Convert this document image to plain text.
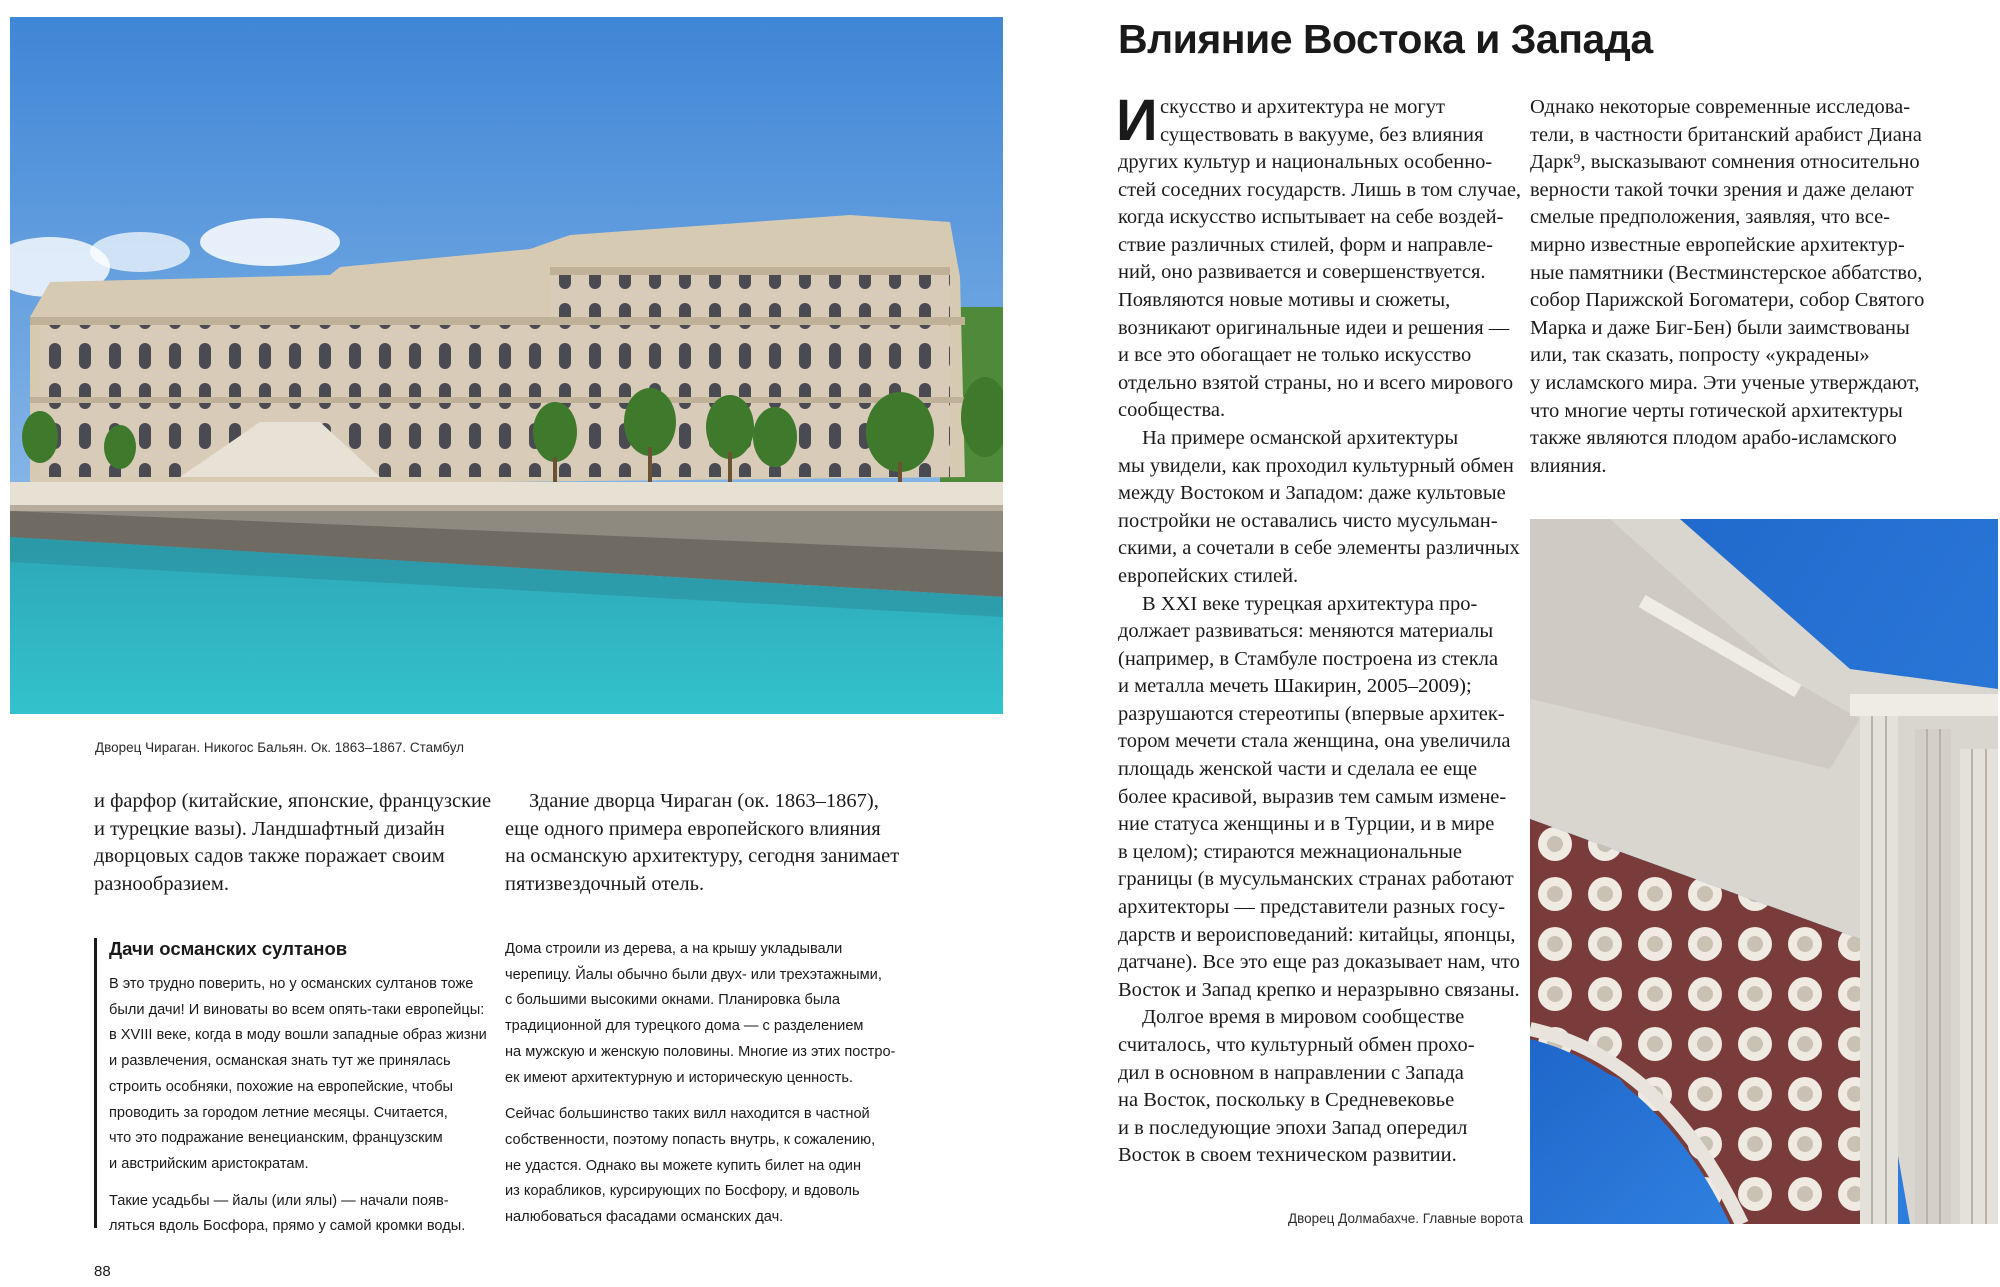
Дворец Чираган. Никогос Бальян. Ок. 1863–1867. Стамбул

и фарфор (китайские, японские, французские

и турецкие вазы). Ландшафтный дизайн

дворцовых садов также поражает своим

разнообразием.

Здание дворца Чираган (ок. 1863–1867),

еще одного примера европейского влияния

на османскую архитектуру, сегодня занимает

пятизвездочный отель.

Дачи османских султанов

В это трудно поверить, но у османских султанов тоже

были дачи! И виноваты во всем опять-таки европейцы:

в XVIII веке, когда в моду вошли западные образ жизни

и развлечения, османская знать тут же принялась

строить особняки, похожие на европейские, чтобы

проводить за городом летние месяцы. Считается,

что это подражание венецианским, французским

и австрийским аристократам.

Такие усадьбы — йалы (или ялы) — начали появ-

ляться вдоль Босфора, прямо у самой кромки воды.

Дома строили из дерева, а на крышу укладывали

черепицу. Йалы обычно были двух- или трехэтажными,

с большими высокими окнами. Планировка была

традиционной для турецкого дома — с разделением

на мужскую и женскую половины. Многие из этих постро-

ек имеют архитектурную и историческую ценность.

Сейчас большинство таких вилл находится в частной

собственности, поэтому попасть внутрь, к сожалению,

не удастся. Однако вы можете купить билет на один

из корабликов, курсирующих по Босфору, и вдоволь

налюбоваться фасадами османских дач.

88
Влияние Востока и Запада
И скусство и архитектура не могут

существовать в вакууме, без влияния

других культур и национальных особенно-

стей соседних государств. Лишь в том случае,

когда искусство испытывает на себе воздей-

ствие различных стилей, форм и направле-

ний, оно развивается и совершенствуется.

Появляются новые мотивы и сюжеты,

возникают оригинальные идеи и решения —

и все это обогащает не только искусство

отдельно взятой страны, но и всего мирового

сообщества.

На примере османской архитектуры

мы увидели, как проходил культурный обмен

между Востоком и Западом: даже культовые

постройки не оставались чисто мусульман-

скими, а сочетали в себе элементы различных

европейских стилей.

В XXI веке турецкая архитектура про-

должает развиваться: меняются материалы

(например, в Стамбуле построена из стекла

и металла мечеть Шакирин, 2005–2009);

разрушаются стереотипы (впервые архитек-

тором мечети стала женщина, она увеличила

площадь женской части и сделала ее еще

более красивой, выразив тем самым измене-

ние статуса женщины и в Турции, и в мире

в целом); стираются межнациональные

границы (в мусульманских странах работают

архитекторы — представители разных госу-

дарств и вероисповеданий: китайцы, японцы,

датчане). Все это еще раз доказывает нам, что

Восток и Запад крепко и неразрывно связаны.

Долгое время в мировом сообществе

считалось, что культурный обмен прохо-

дил в основном в направлении с Запада

на Восток, поскольку в Средневековье

и в последующие эпохи Запад опередил

Восток в своем техническом развитии.

Однако некоторые современные исследова-

тели, в частности британский арабист Диана

Дарк⁹, высказывают сомнения относительно

верности такой точки зрения и даже делают

смелые предположения, заявляя, что все-

мирно известные европейские архитектур-

ные памятники (Вестминстерское аббатство,

собор Парижской Богоматери, собор Святого

Марка и даже Биг-Бен) были заимствованы

или, так сказать, попросту «украдены»

у исламского мира. Эти ученые утверждают,

что многие черты готической архитектуры

также являются плодом арабо-исламского

влияния.

Дворец Долмабахче. Главные ворота
